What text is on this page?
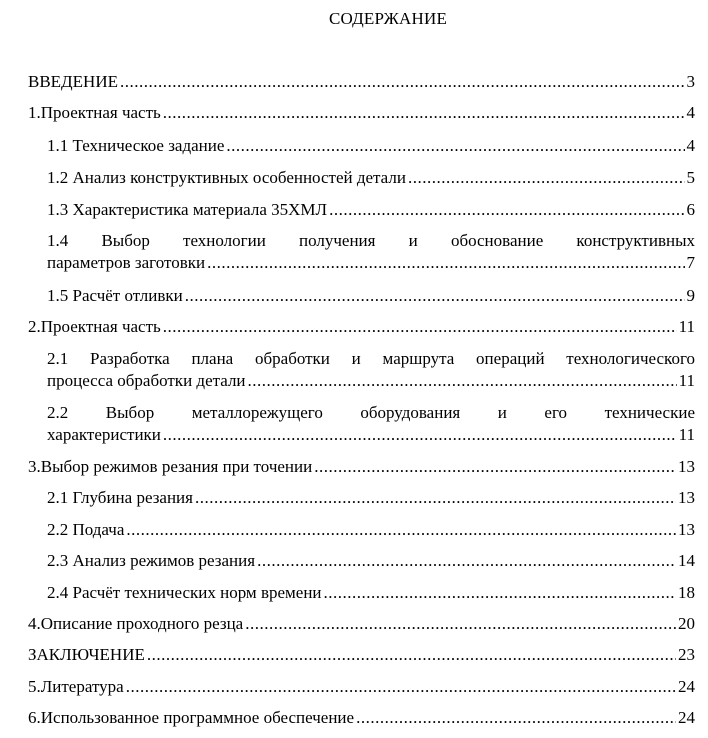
СОДЕРЖАНИЕ
ВВЕДЕНИЕ .....	3
1. Проектная часть .....	4
1.1 Техническое задание .....	4
1.2 Анализ конструктивных особенностей детали .....	5
1.3 Характеристика материала 35ХМЛ .....	6
1.4 Выбор технологии получения и обоснование конструктивных
параметров заготовки .....	7
1.5 Расчёт отливки .....	9
2. Проектная часть .....	11
2.1 Разработка плана обработки и маршрута операций технологического
процесса обработки детали .....	11
2.2 Выбор металлорежущего оборудования и его технические
характеристики .....	11
3. Выбор режимов резания при точении .....	13
2.1 Глубина резания .....	13
2.2 Подача .....	13
2.3 Анализ режимов резания .....	14
2.4 Расчёт технических норм времени .....	18
4. Описание проходного резца .....	20
ЗАКЛЮЧЕНИЕ .....	23
5. Литература .....	24
6. Использованное программное обеспечение .....	24
